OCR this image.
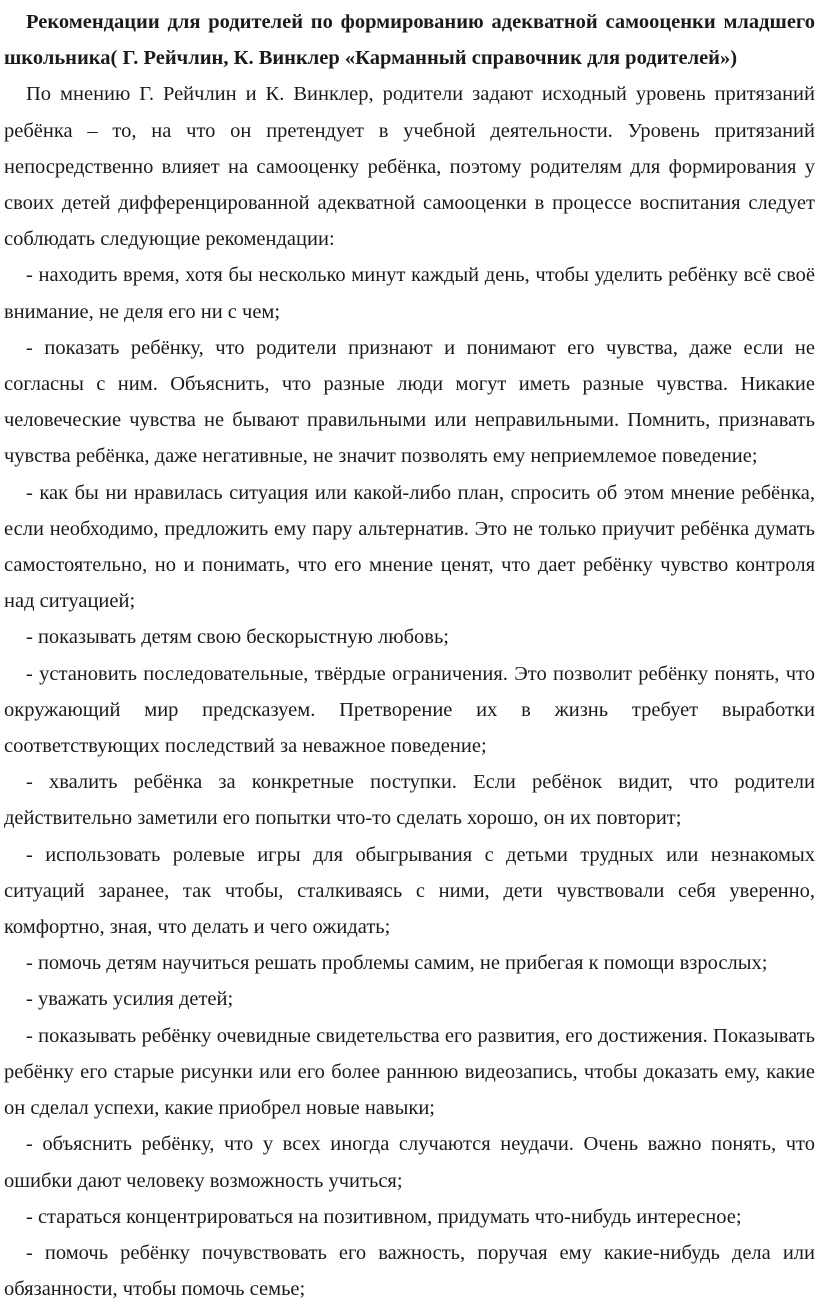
Рекомендации для родителей по формированию адекватной самооценки младшего школьника( Г. Рейчлин, К. Винклер «Карманный справочник для родителей»)

По мнению Г. Рейчлин и К. Винклер, родители задают исходный уровень притязаний ребёнка – то, на что он претендует в учебной деятельности. Уровень притязаний непосредственно влияет на самооценку ребёнка, поэтому родителям для формирования у своих детей дифференцированной адекватной самооценки в процессе воспитания следует соблюдать следующие рекомендации:

- находить время, хотя бы несколько минут каждый день, чтобы уделить ребёнку всё своё внимание, не деля его ни с чем;

- показать ребёнку, что родители признают и понимают его чувства, даже если не согласны с ним. Объяснить, что разные люди могут иметь разные чувства. Никакие человеческие чувства не бывают правильными или неправильными. Помнить, признавать чувства ребёнка, даже негативные, не значит позволять ему неприемлемое поведение;

- как бы ни нравилась ситуация или какой-либо план, спросить об этом мнение ребёнка, если необходимо, предложить ему пару альтернатив. Это не только приучит ребёнка думать самостоятельно, но и понимать, что его мнение ценят, что дает ребёнку чувство контроля над ситуацией;

- показывать детям свою бескорыстную любовь;

- установить последовательные, твёрдые ограничения. Это позволит ребёнку понять, что окружающий мир предсказуем. Претворение их в жизнь требует выработки соответствующих последствий за неважное поведение;

- хвалить ребёнка за конкретные поступки. Если ребёнок видит, что родители действительно заметили его попытки что-то сделать хорошо, он их повторит;

- использовать ролевые игры для обыгрывания с детьми трудных или незнакомых ситуаций заранее, так чтобы, сталкиваясь с ними, дети чувствовали себя уверенно, комфортно, зная, что делать и чего ожидать;

- помочь детям научиться решать проблемы самим, не прибегая к помощи взрослых;

- уважать усилия детей;

- показывать ребёнку очевидные свидетельства его развития, его достижения. Показывать ребёнку его старые рисунки или его более раннюю видеозапись, чтобы доказать ему, какие он сделал успехи, какие приобрел новые навыки;

- объяснить ребёнку, что у всех иногда случаются неудачи. Очень важно понять, что ошибки дают человеку возможность учиться;

- стараться концентрироваться на позитивном, придумать что-нибудь интересное;

- помочь ребёнку почувствовать его важность, поручая ему какие-нибудь дела или обязанности, чтобы помочь семье;
